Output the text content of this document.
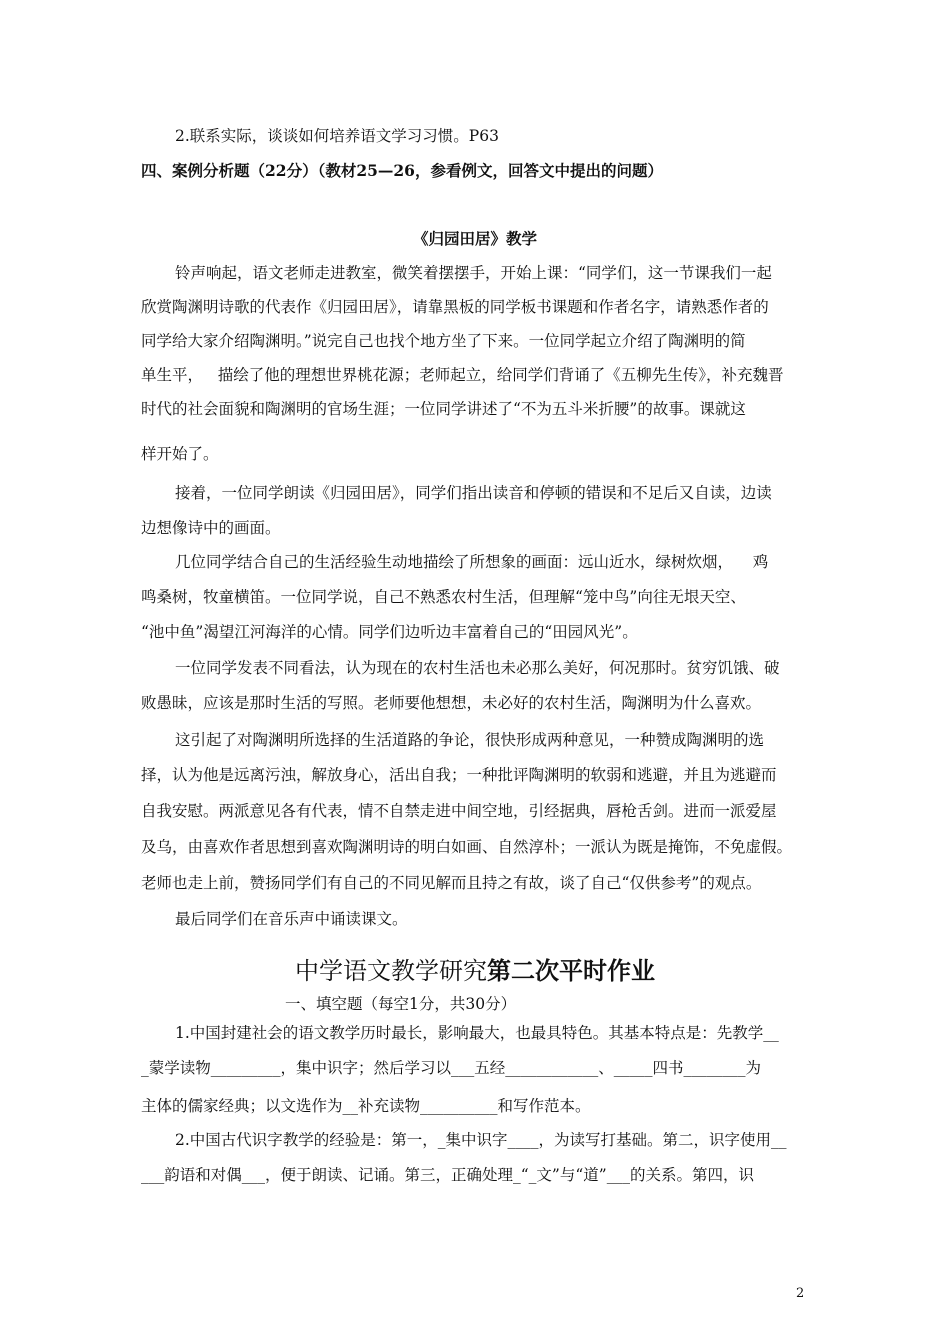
2.联系实际，谈谈如何培养语文学习习惯。P63
四、案例分析题（22分）（教材25—26，参看例文，回答文中提出的问题）
《归园田居》教学
铃声响起，语文老师走进教室，微笑着摆摆手，开始上课：“同学们，这一节课我们一起
欣赏陶渊明诗歌的代表作《归园田居》，请靠黑板的同学板书课题和作者名字，请熟悉作者的
同学给大家介绍陶渊明。”说完自己也找个地方坐了下来。一位同学起立介绍了陶渊明的简
单生平，   描绘了他的理想世界桃花源；老师起立，给同学们背诵了《五柳先生传》，补充魏晋
时代的社会面貌和陶渊明的官场生涯；一位同学讲述了“不为五斗米折腰”的故事。课就这
样开始了。
接着，一位同学朗读《归园田居》，同学们指出读音和停顿的错误和不足后又自读，边读
边想像诗中的画面。
几位同学结合自己的生活经验生动地描绘了所想象的画面：远山近水，绿树炊烟，    鸡
鸣桑树，牧童横笛。一位同学说，自己不熟悉农村生活，但理解“笼中鸟”向往无垠天空、
“池中鱼”渴望江河海洋的心情。同学们边听边丰富着自己的“田园风光”。
一位同学发表不同看法，认为现在的农村生活也未必那么美好，何况那时。贫穷饥饿、破
败愚昧，应该是那时生活的写照。老师要他想想，未必好的农村生活，陶渊明为什么喜欢。
这引起了对陶渊明所选择的生活道路的争论，很快形成两种意见，一种赞成陶渊明的选
择，认为他是远离污浊，解放身心，活出自我；一种批评陶渊明的软弱和逃避，并且为逃避而
自我安慰。两派意见各有代表，情不自禁走进中间空地，引经据典，唇枪舌剑。进而一派爱屋
及乌，由喜欢作者思想到喜欢陶渊明诗的明白如画、自然淳朴；一派认为既是掩饰，不免虚假。
老师也走上前，赞扬同学们有自己的不同见解而且持之有故，谈了自己“仅供参考”的观点。
最后同学们在音乐声中诵读课文。
中学语文教学研究第二次平时作业
一、填空题（每空1分，共30分）
1.中国封建社会的语文教学历时最长，影响最大，也最具特色。其基本特点是：先教学__
_蒙学读物_________，集中识字；然后学习以___五经____________、_____四书________为
主体的儒家经典；以文选作为__补充读物__________和写作范本。
2.中国古代识字教学的经验是：第一，_集中识字____，为读写打基础。第二，识字使用__
___韵语和对偶___，便于朗读、记诵。第三，正确处理_“_文”与“道”___的关系。第四，识
2
